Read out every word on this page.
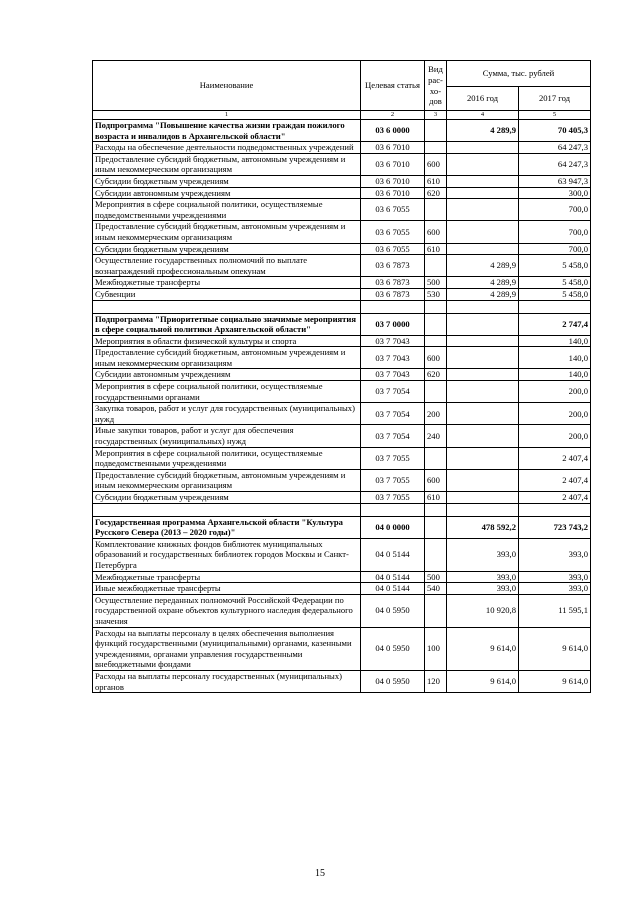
Наименование	Целевая статья	Вид рас- хо- дов	Сумма, тыс. рублей	
			2016 год	2017 год
1	2	3	4	5
Подпрограмма "Повышение качества жизни граждан пожилого возраста и инвалидов в Архангельской области"	03 6 0000		4 289,9	70 405,3
Расходы на обеспечение деятельности подведомственных учреждений	03 6 7010			64 247,3
Предоставление субсидий бюджетным, автономным учреждениям и иным некоммерческим организациям	03 6 7010	600		64 247,3
Субсидии бюджетным учреждениям	03 6 7010	610		63 947,3
Субсидии автономным учреждениям	03 6 7010	620		300,0
Мероприятия в сфере социальной политики, осуществляемые подведомственными учреждениями	03 6 7055			700,0
Предоставление субсидий бюджетным, автономным учреждениям и иным некоммерческим организациям	03 6 7055	600		700,0
Субсидии бюджетным учреждениям	03 6 7055	610		700,0
Осуществление государственных полномочий по выплате вознаграждений профессиональным опекунам	03 6 7873		4 289,9	5 458,0
Межбюджетные трансферты	03 6 7873	500	4 289,9	5 458,0
Субвенции	03 6 7873	530	4 289,9	5 458,0

Подпрограмма "Приоритетные социально значимые мероприятия в сфере социальной политики Архангельской области"	03 7 0000			2 747,4
Мероприятия в области физической культуры и спорта	03 7 7043			140,0
Предоставление субсидий бюджетным, автономным учреждениям и иным некоммерческим организациям	03 7 7043	600		140,0
Субсидии автономным учреждениям	03 7 7043	620		140,0
Мероприятия в сфере социальной политики, осуществляемые государственными органами	03 7 7054			200,0
Закупка товаров, работ и услуг для государственных (муниципальных) нужд	03 7 7054	200		200,0
Иные закупки товаров, работ и услуг для обеспечения государственных (муниципальных) нужд	03 7 7054	240		200,0
Мероприятия в сфере социальной политики, осуществляемые подведомственными учреждениями	03 7 7055			2 407,4
Предоставление субсидий бюджетным, автономным учреждениям и иным некоммерческим организациям	03 7 7055	600		2 407,4
Субсидии бюджетным учреждениям	03 7 7055	610		2 407,4

Государственная программа Архангельской области "Культура Русского Севера (2013 – 2020 годы)"	04 0 0000		478 592,2	723 743,2
Комплектование книжных фондов библиотек муниципальных образований и государственных библиотек городов Москвы и Санкт-Петербурга	04 0 5144		393,0	393,0
Межбюджетные трансферты	04 0 5144	500	393,0	393,0
Иные межбюджетные трансферты	04 0 5144	540	393,0	393,0
Осуществление переданных полномочий Российской Федерации по государственной охране объектов культурного наследия федерального значения	04 0 5950		10 920,8	11 595,1
Расходы на выплаты персоналу в целях обеспечения выполнения функций государственными (муниципальными) органами, казенными учреждениями, органами управления государственными внебюджетными фондами	04 0 5950	100	9 614,0	9 614,0
Расходы на выплаты персоналу государственных (муниципальных) органов	04 0 5950	120	9 614,0	9 614,0
15
